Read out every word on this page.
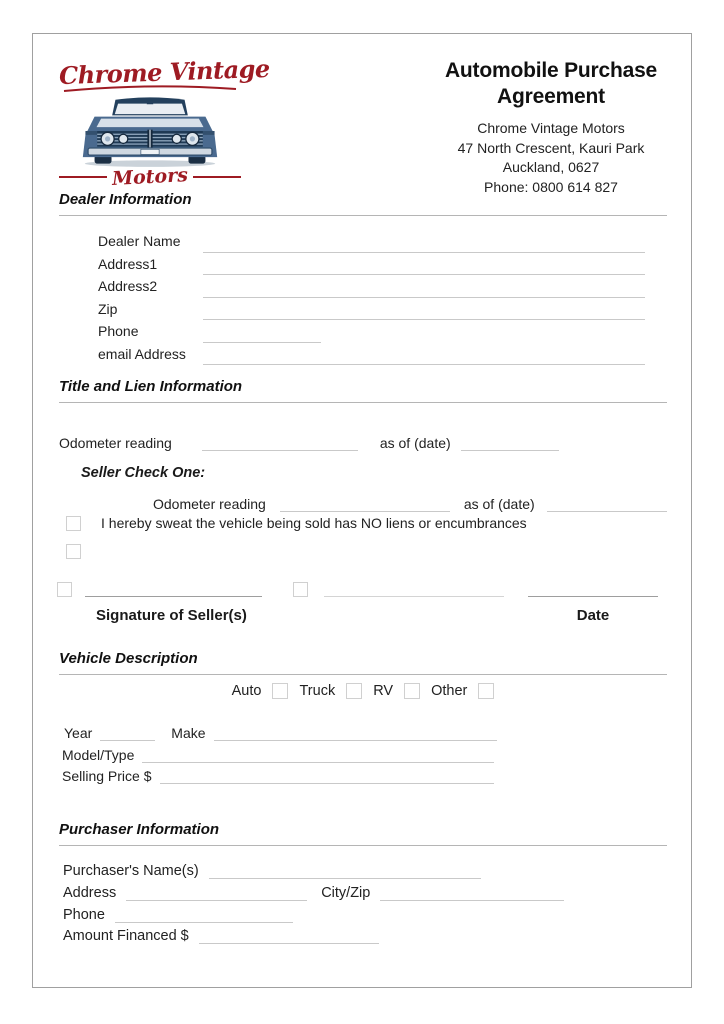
Chrome Vintage
Motors
Automobile Purchase
Agreement
Chrome Vintage Motors
47 North Crescent, Kauri Park
Auckland, 0627
Phone: 0800 614 827
Dealer Information
Dealer Name
Address1
Address2
Zip
Phone
email Address
Title and Lien Information
Odometer reading	as of (date)
Seller Check One:
Odometer reading	as of (date)
I hereby sweat the vehicle being sold has NO liens or encumbrances
Signature of Seller(s)	Date
Vehicle Description
Auto	Truck	RV	Other
Year	Make
Model/Type
Selling Price $
Purchaser Information
Purchaser's Name(s)
Address	City/Zip
Phone
Amount Financed $
